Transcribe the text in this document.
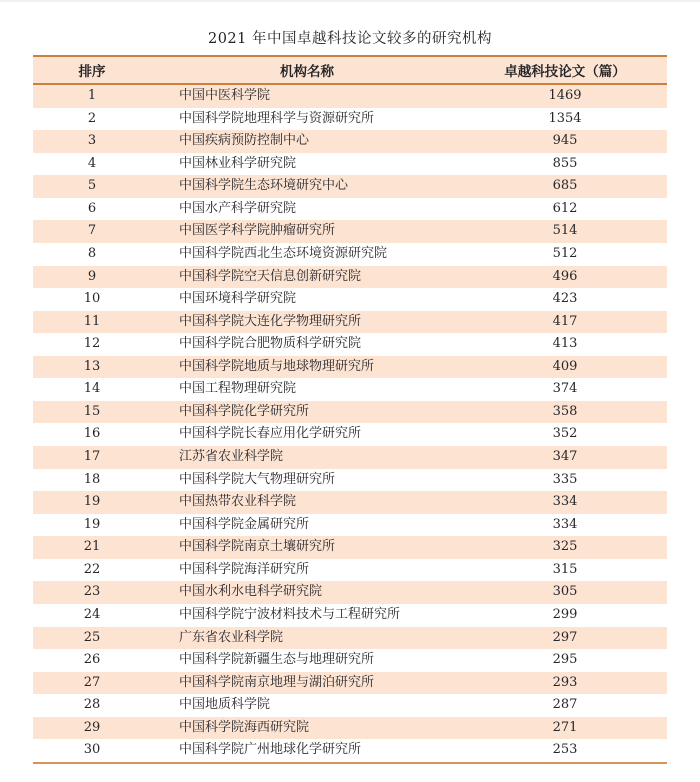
2021 年中国卓越科技论文较多的研究机构
排序	机构名称	卓越科技论文（篇）
1	中国中医科学院	1469
2	中国科学院地理科学与资源研究所	1354
3	中国疾病预防控制中心	945
4	中国林业科学研究院	855
5	中国科学院生态环境研究中心	685
6	中国水产科学研究院	612
7	中国医学科学院肿瘤研究所	514
8	中国科学院西北生态环境资源研究院	512
9	中国科学院空天信息创新研究院	496
10	中国环境科学研究院	423
11	中国科学院大连化学物理研究所	417
12	中国科学院合肥物质科学研究院	413
13	中国科学院地质与地球物理研究所	409
14	中国工程物理研究院	374
15	中国科学院化学研究所	358
16	中国科学院长春应用化学研究所	352
17	江苏省农业科学院	347
18	中国科学院大气物理研究所	335
19	中国热带农业科学院	334
19	中国科学院金属研究所	334
21	中国科学院南京土壤研究所	325
22	中国科学院海洋研究所	315
23	中国水利水电科学研究院	305
24	中国科学院宁波材料技术与工程研究所	299
25	广东省农业科学院	297
26	中国科学院新疆生态与地理研究所	295
27	中国科学院南京地理与湖泊研究所	293
28	中国地质科学院	287
29	中国科学院海西研究院	271
30	中国科学院广州地球化学研究所	253
